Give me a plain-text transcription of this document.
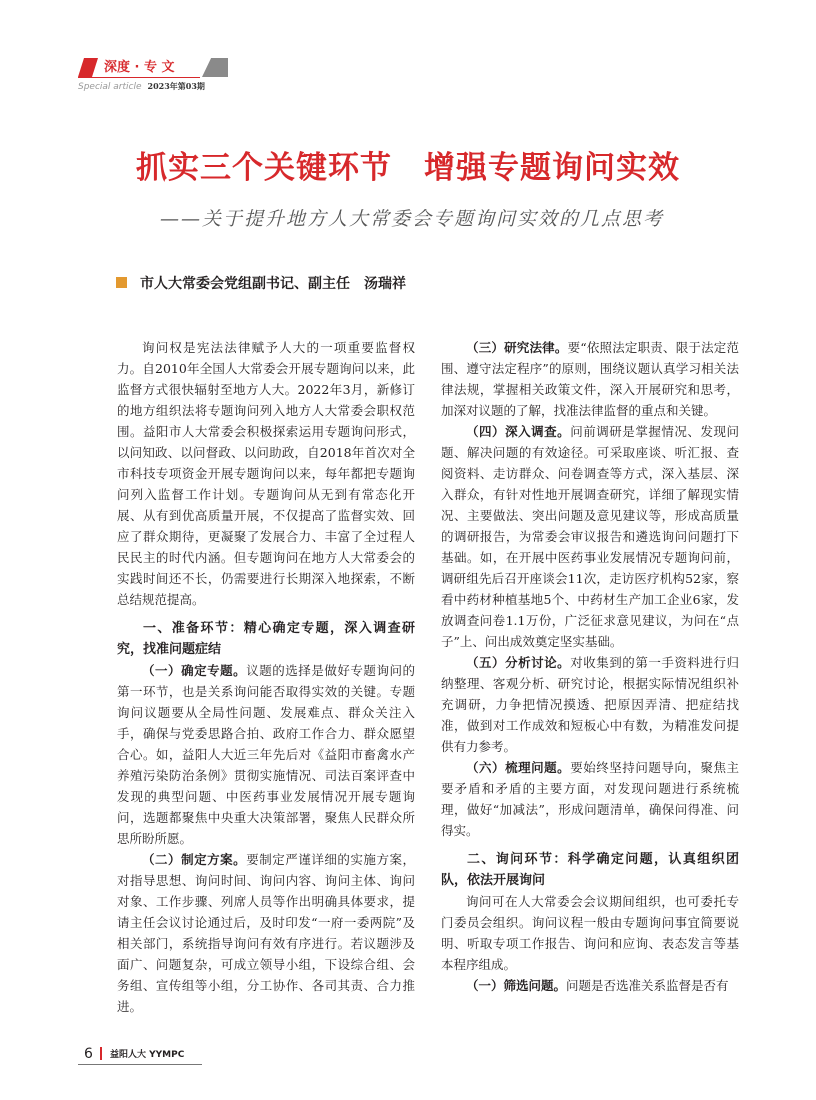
深度 · 专 文
Special article 2023年第03期
抓实三个关键环节 增强专题询问实效
——关于提升地方人大常委会专题询问实效的几点思考
市人大常委会党组副书记、副主任　汤瑞祥

询问权是宪法法律赋予人大的一项重要监督权力。自2010年全国人大常委会开展专题询问以来，此监督方式很快辐射至地方人大。2022年3月，新修订的地方组织法将专题询问列入地方人大常委会职权范围。益阳市人大常委会积极探索运用专题询问形式，以问知政、以问督政、以问助政，自2018年首次对全市科技专项资金开展专题询问以来，每年都把专题询问列入监督工作计划。专题询问从无到有常态化开展、从有到优高质量开展，不仅提高了监督实效、回应了群众期待，更凝聚了发展合力、丰富了全过程人民民主的时代内涵。但专题询问在地方人大常委会的实践时间还不长，仍需要进行长期深入地探索，不断总结规范提高。

一、准备环节：精心确定专题，深入调查研究，找准问题症结

（一）确定专题。议题的选择是做好专题询问的第一环节，也是关系询问能否取得实效的关键。专题询问议题要从全局性问题、发展难点、群众关注入手，确保与党委思路合拍、政府工作合力、群众愿望合心。如，益阳人大近三年先后对《益阳市畜禽水产养殖污染防治条例》贯彻实施情况、司法百案评查中发现的典型问题、中医药事业发展情况开展专题询问，选题都聚焦中央重大决策部署，聚焦人民群众所思所盼所愿。

（二）制定方案。要制定严谨详细的实施方案，对指导思想、询问时间、询问内容、询问主体、询问对象、工作步骤、列席人员等作出明确具体要求，提请主任会议讨论通过后，及时印发“一府一委两院”及相关部门，系统指导询问有效有序进行。若议题涉及面广、问题复杂，可成立领导小组，下设综合组、会务组、宣传组等小组，分工协作、各司其责、合力推进。

（三）研究法律。要“依照法定职责、限于法定范围、遵守法定程序”的原则，围绕议题认真学习相关法律法规，掌握相关政策文件，深入开展研究和思考，加深对议题的了解，找准法律监督的重点和关键。

（四）深入调查。问前调研是掌握情况、发现问题、解决问题的有效途径。可采取座谈、听汇报、查阅资料、走访群众、问卷调查等方式，深入基层、深入群众，有针对性地开展调查研究，详细了解现实情况、主要做法、突出问题及意见建议等，形成高质量的调研报告，为常委会审议报告和遴选询问问题打下基础。如，在开展中医药事业发展情况专题询问前，调研组先后召开座谈会11次，走访医疗机构52家，察看中药材种植基地5个、中药材生产加工企业6家，发放调查问卷1.1万份，广泛征求意见建议，为问在“点子”上、问出成效奠定坚实基础。

（五）分析讨论。对收集到的第一手资料进行归纳整理、客观分析、研究讨论，根据实际情况组织补充调研，力争把情况摸透、把原因弄清、把症结找准，做到对工作成效和短板心中有数，为精准发问提供有力参考。

（六）梳理问题。要始终坚持问题导向，聚焦主要矛盾和矛盾的主要方面，对发现问题进行系统梳理，做好“加减法”，形成问题清单，确保问得准、问得实。

二、询问环节：科学确定问题，认真组织团队，依法开展询问

询问可在人大常委会会议期间组织，也可委托专门委员会组织。询问议程一般由专题询问事宜简要说明、听取专项工作报告、询问和应询、表态发言等基本程序组成。

（一）筛选问题。问题是否选准关系监督是否有

6 益阳人大 YYMPC
